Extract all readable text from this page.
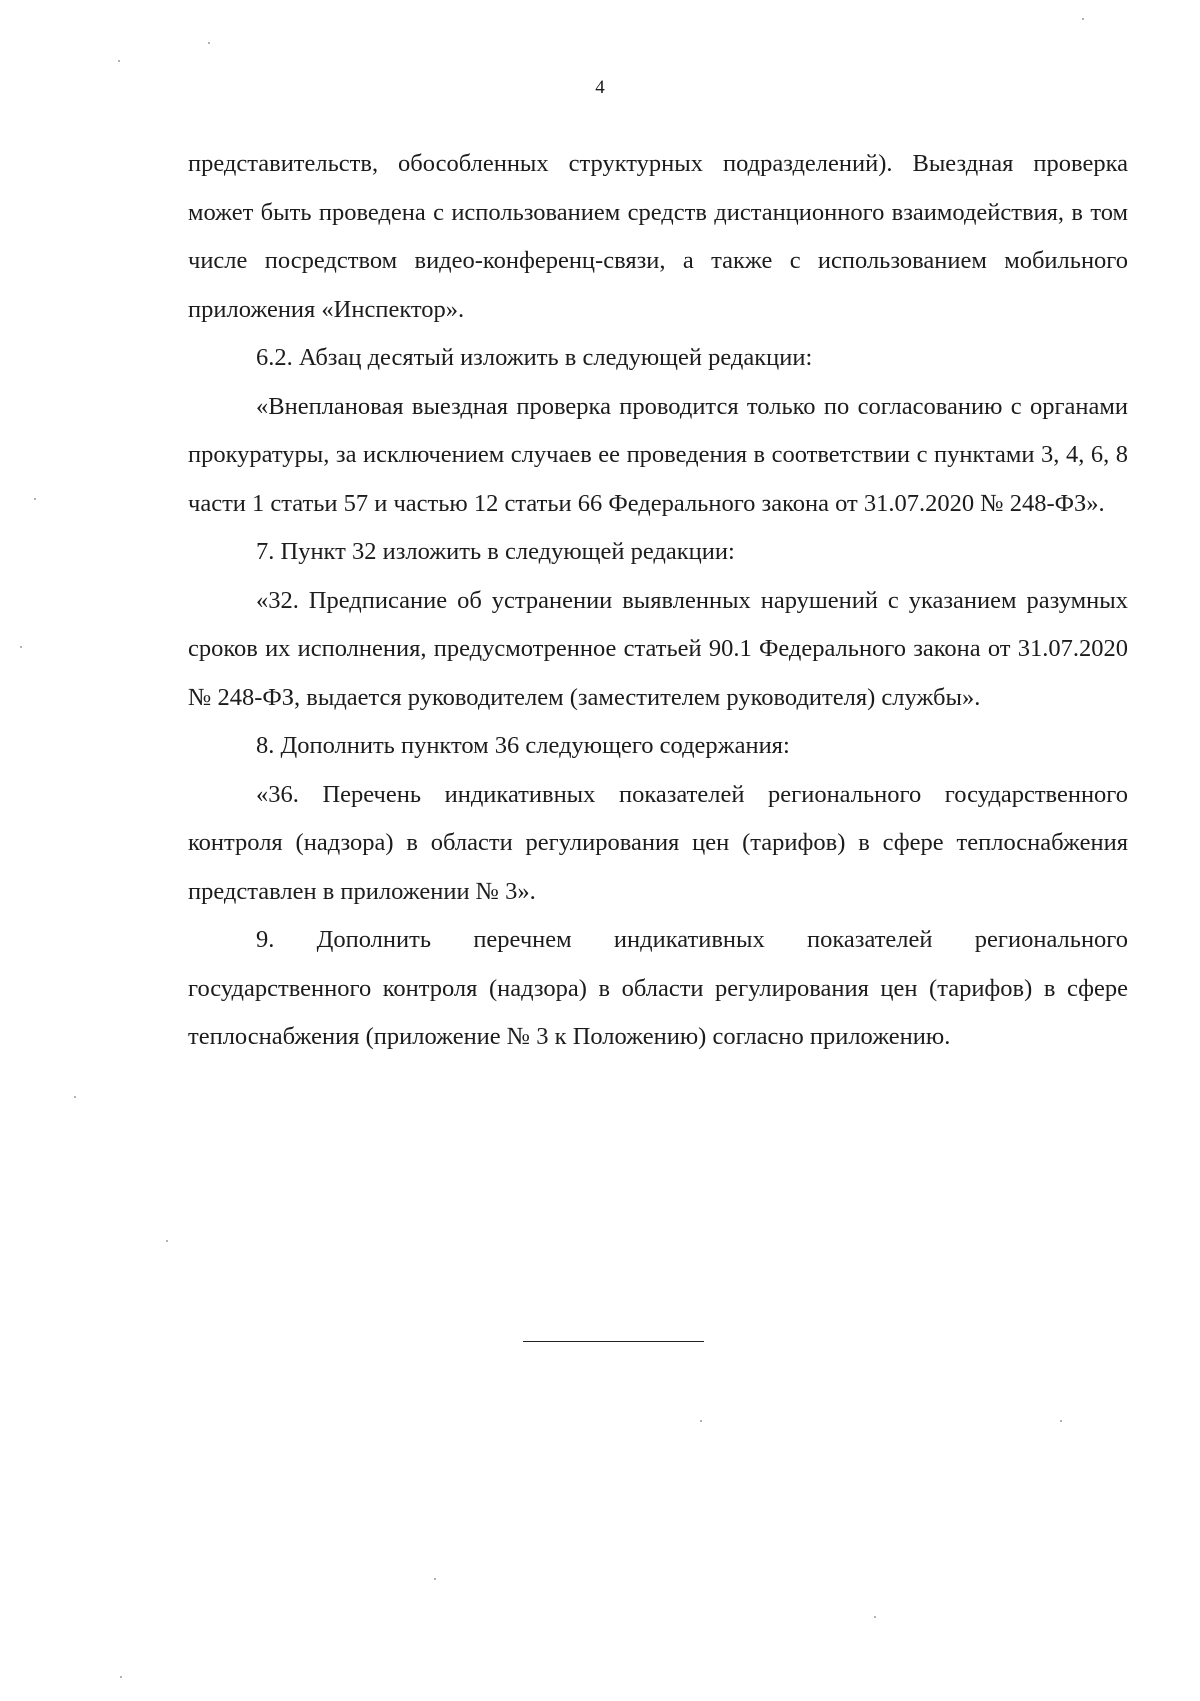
4

представительств, обособленных структурных подразделений). Выездная проверка может быть проведена с использованием средств дистанционного взаимодействия, в том числе посредством видео-конференц-связи, а также с использованием мобильного приложения «Инспектор».

6.2. Абзац десятый изложить в следующей редакции:

«Внеплановая выездная проверка проводится только по согласованию с органами прокуратуры, за исключением случаев ее проведения в соответствии с пунктами 3, 4, 6, 8 части 1 статьи 57 и частью 12 статьи 66 Федерального закона от 31.07.2020 № 248-ФЗ».

7. Пункт 32 изложить в следующей редакции:

«32. Предписание об устранении выявленных нарушений с указанием разумных сроков их исполнения, предусмотренное статьей 90.1 Федерального закона от 31.07.2020 № 248-ФЗ, выдается руководителем (заместителем руководителя) службы».

8. Дополнить пунктом 36 следующего содержания:

«36. Перечень индикативных показателей регионального государственного контроля (надзора) в области регулирования цен (тарифов) в сфере теплоснабжения представлен в приложении № 3».

9. Дополнить перечнем индикативных показателей регионального государственного контроля (надзора) в области регулирования цен (тарифов) в сфере теплоснабжения (приложение № 3 к Положению) согласно приложению.
